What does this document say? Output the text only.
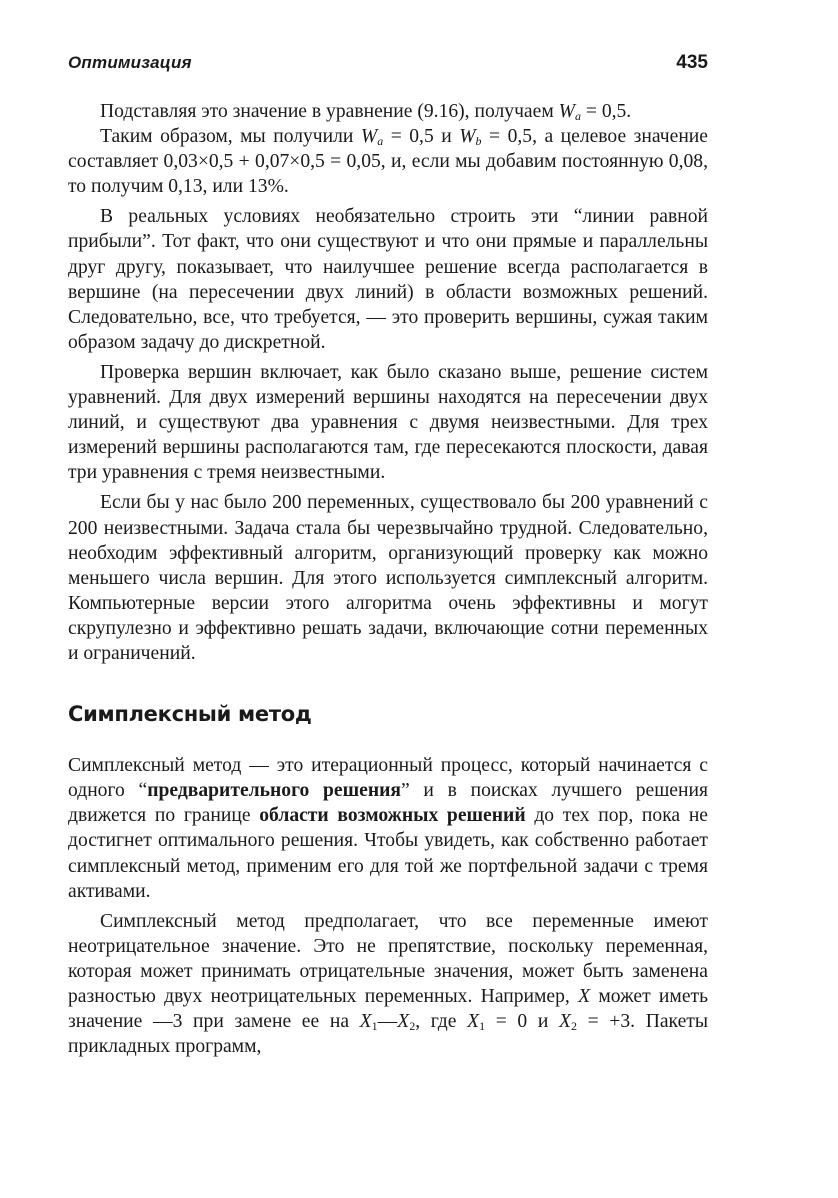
Оптимизация	435

Подставляя это значение в уравнение (9.16), получаем $W_a = 0,5$.

Таким образом, мы получили $W_a = 0,5$ и $W_b = 0,5$, а целевое значение составляет 0,03×0,5 + 0,07×0,5 = 0,05, и, если мы добавим постоянную 0,08, то получим 0,13, или 13%.

В реальных условиях необязательно строить эти “линии равной прибыли”. Тот факт, что они существуют и что они прямые и параллельны друг другу, показывает, что наилучшее решение всегда располагается в вершине (на пересечении двух линий) в области возможных решений. Следовательно, все, что требуется, — это проверить вершины, сужая таким образом задачу до дискретной.

Проверка вершин включает, как было сказано выше, решение систем уравнений. Для двух измерений вершины находятся на пересечении двух линий, и существуют два уравнения с двумя неизвестными. Для трех измерений вершины располагаются там, где пересекаются плоскости, давая три уравнения с тремя неизвестными.

Если бы у нас было 200 переменных, существовало бы 200 уравнений с 200 неизвестными. Задача стала бы черезвычайно трудной. Следовательно, необходим эффективный алгоритм, организующий проверку как можно меньшего числа вершин. Для этого используется симплексный алгоритм. Компьютерные версии этого алгоритма очень эффективны и могут скрупулезно и эффективно решать задачи, включающие сотни переменных и ограничений.

Симплексный метод

Симплексный метод — это итерационный процесс, который начинается с одного “предварительного решения” и в поисках лучшего решения движется по границе области возможных решений до тех пор, пока не достигнет оптимального решения. Чтобы увидеть, как собственно работает симплексный метод, применим его для той же портфельной задачи с тремя активами.

Симплексный метод предполагает, что все переменные имеют неотрицательное значение. Это не препятствие, поскольку переменная, которая может принимать отрицательные значения, может быть заменена разностью двух неотрицательных переменных. Например, X может иметь значение —3 при замене ее на $X_1—X_2$, где $X_1 = 0$ и $X_2 = +3$. Пакеты прикладных программ,
